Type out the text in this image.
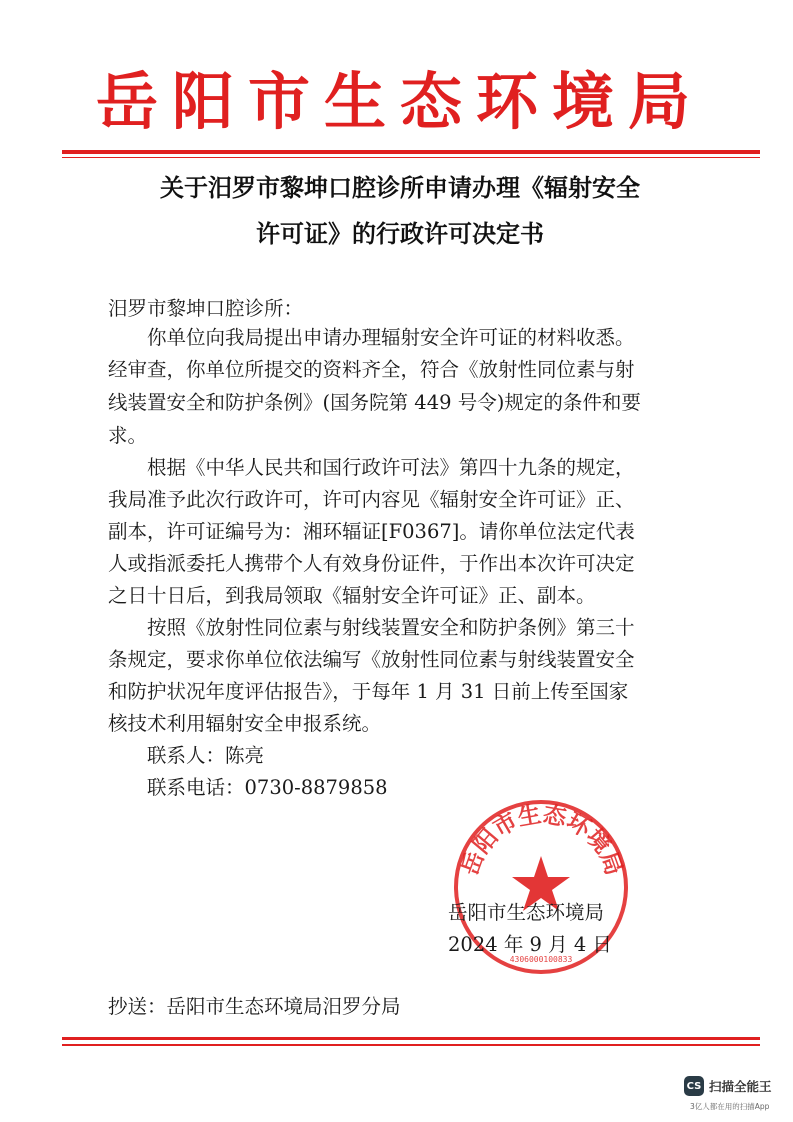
岳阳市生态环境局
关于汨罗市黎坤口腔诊所申请办理《辐射安全
许可证》的行政许可决定书
汨罗市黎坤口腔诊所：
　　你单位向我局提出申请办理辐射安全许可证的材料收悉。
经审查，你单位所提交的资料齐全，符合《放射性同位素与射
线装置安全和防护条例》(国务院第 449 号令)规定的条件和要
求。
　　根据《中华人民共和国行政许可法》第四十九条的规定，
我局准予此次行政许可，许可内容见《辐射安全许可证》正、
副本，许可证编号为：湘环辐证[F0367]。请你单位法定代表
人或指派委托人携带个人有效身份证件，于作出本次许可决定
之日十日后，到我局领取《辐射安全许可证》正、副本。
　　按照《放射性同位素与射线装置安全和防护条例》第三十
条规定，要求你单位依法编写《放射性同位素与射线装置安全
和防护状况年度评估报告》，于每年 1 月 31 日前上传至国家
核技术利用辐射安全申报系统。
　　联系人：陈亮
　　联系电话：0730-8879858
岳阳市生态环境局
4306000100833
岳阳市生态环境局
2024 年 9 月 4 日
抄送：岳阳市生态环境局汨罗分局
CS 扫描全能王
3亿人都在用的扫描App
